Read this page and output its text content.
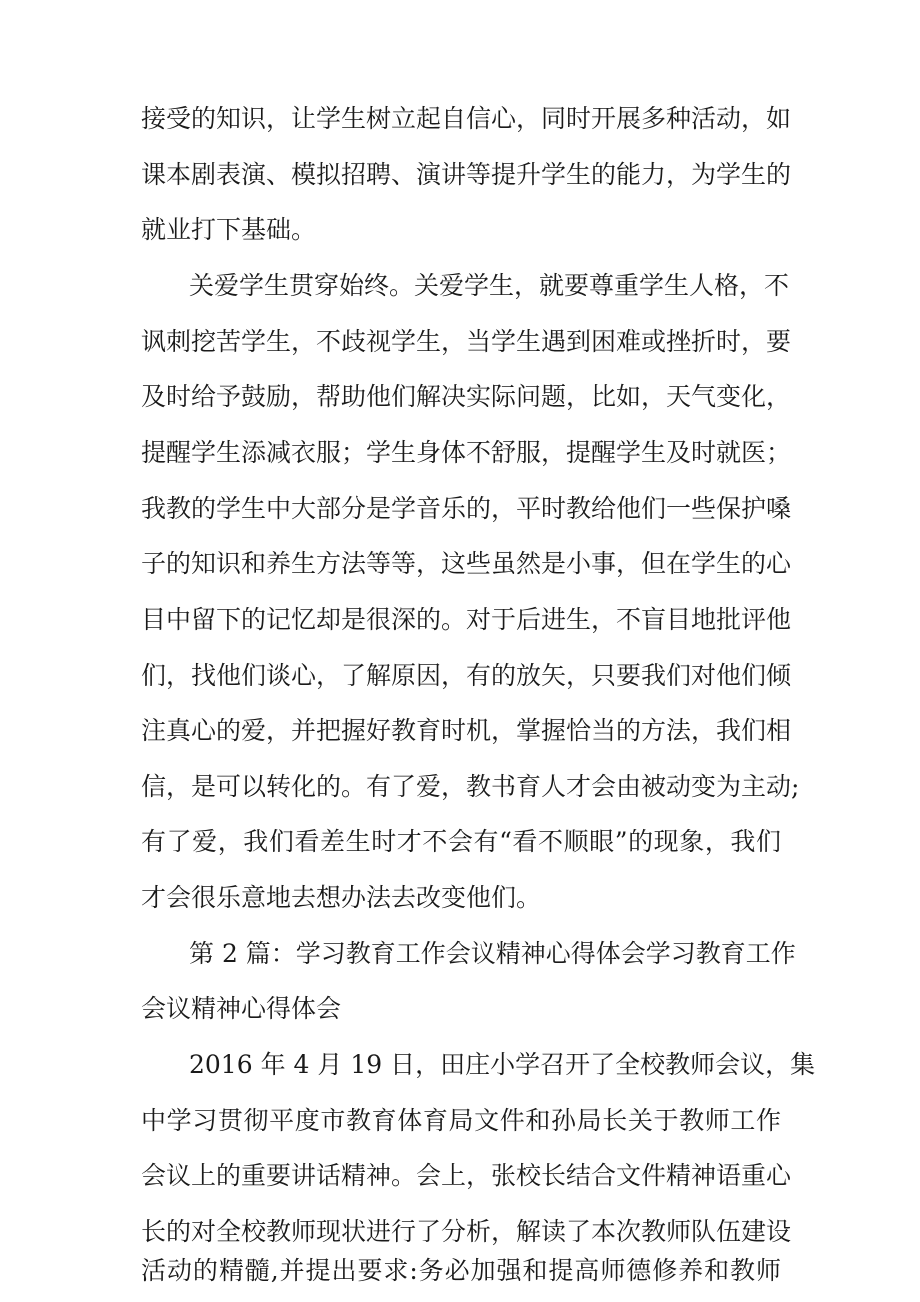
接受的知识，让学生树立起自信心，同时开展多种活动，如
课本剧表演、模拟招聘、演讲等提升学生的能力，为学生的
就业打下基础。
关爱学生贯穿始终。关爱学生，就要尊重学生人格，不
讽刺挖苦学生，不歧视学生，当学生遇到困难或挫折时，要
及时给予鼓励，帮助他们解决实际问题，比如，天气变化，
提醒学生添减衣服；学生身体不舒服，提醒学生及时就医；
我教的学生中大部分是学音乐的，平时教给他们一些保护嗓
子的知识和养生方法等等，这些虽然是小事，但在学生的心
目中留下的记忆却是很深的。对于后进生，不盲目地批评他
们，找他们谈心，了解原因，有的放矢，只要我们对他们倾
注真心的爱，并把握好教育时机，掌握恰当的方法，我们相
信，是可以转化的。有了爱，教书育人才会由被动变为主动;
有了爱，我们看差生时才不会有“看不顺眼”的现象，我们
才会很乐意地去想办法去改变他们。
第 2 篇：学习教育工作会议精神心得体会学习教育工作
会议精神心得体会
2016 年 4 月 19 日，田庄小学召开了全校教师会议，集
中学习贯彻平度市教育体育局文件和孙局长关于教师工作
会议上的重要讲话精神。会上，张校长结合文件精神语重心
长的对全校教师现状进行了分析，解读了本次教师队伍建设
活动的精髓,并提出要求:务必加强和提高师德修养和教师
